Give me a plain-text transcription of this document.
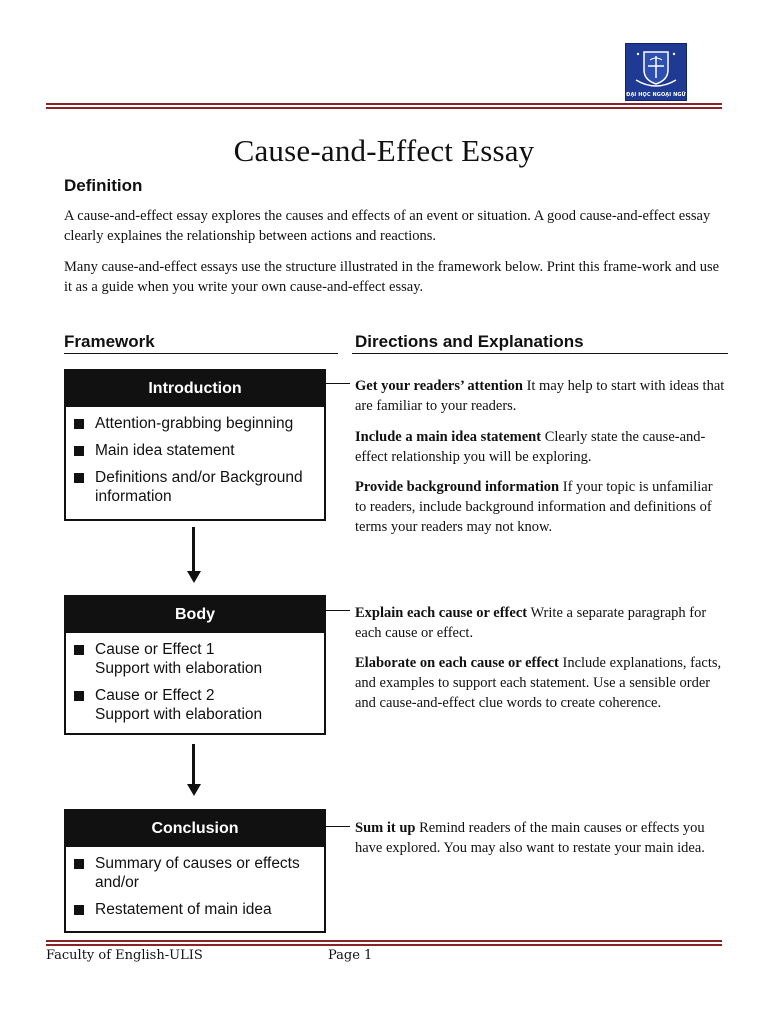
ĐẠI HỌC NGOẠI NGỮ
Cause-and-Effect Essay
Definition
A cause-and-effect essay explores the causes and effects of an event or situation. A good cause-and-effect essay clearly explaines the relationship between actions and reactions.
Many cause-and-effect essays use the structure illustrated in the framework below. Print this frame-work and use it as a guide when you write your own cause-and-effect essay.
Framework	Directions and Explanations
Introduction
Attention-grabbing beginning
Main idea statement
Definitions and/or Background information
Body
Cause or Effect 1
Support with elaboration
Cause or Effect 2
Support with elaboration
Conclusion
Summary of causes or effects and/or
Restatement of main idea
Get your readers’ attention It may help to start with ideas that are familiar to your readers.
Include a main idea statement Clearly state the cause-and-effect relationship you will be exploring.
Provide background information If your topic is unfamiliar to readers, include background information and definitions of terms your readers may not know.
Explain each cause or effect Write a separate paragraph for each cause or effect.
Elaborate on each cause or effect Include explanations, facts, and examples to support each statement. Use a sensible order and cause-and-effect clue words to create coherence.
Sum it up Remind readers of the main causes or effects you have explored. You may also want to restate your main idea.
Faculty of English-ULIS	Page 1
